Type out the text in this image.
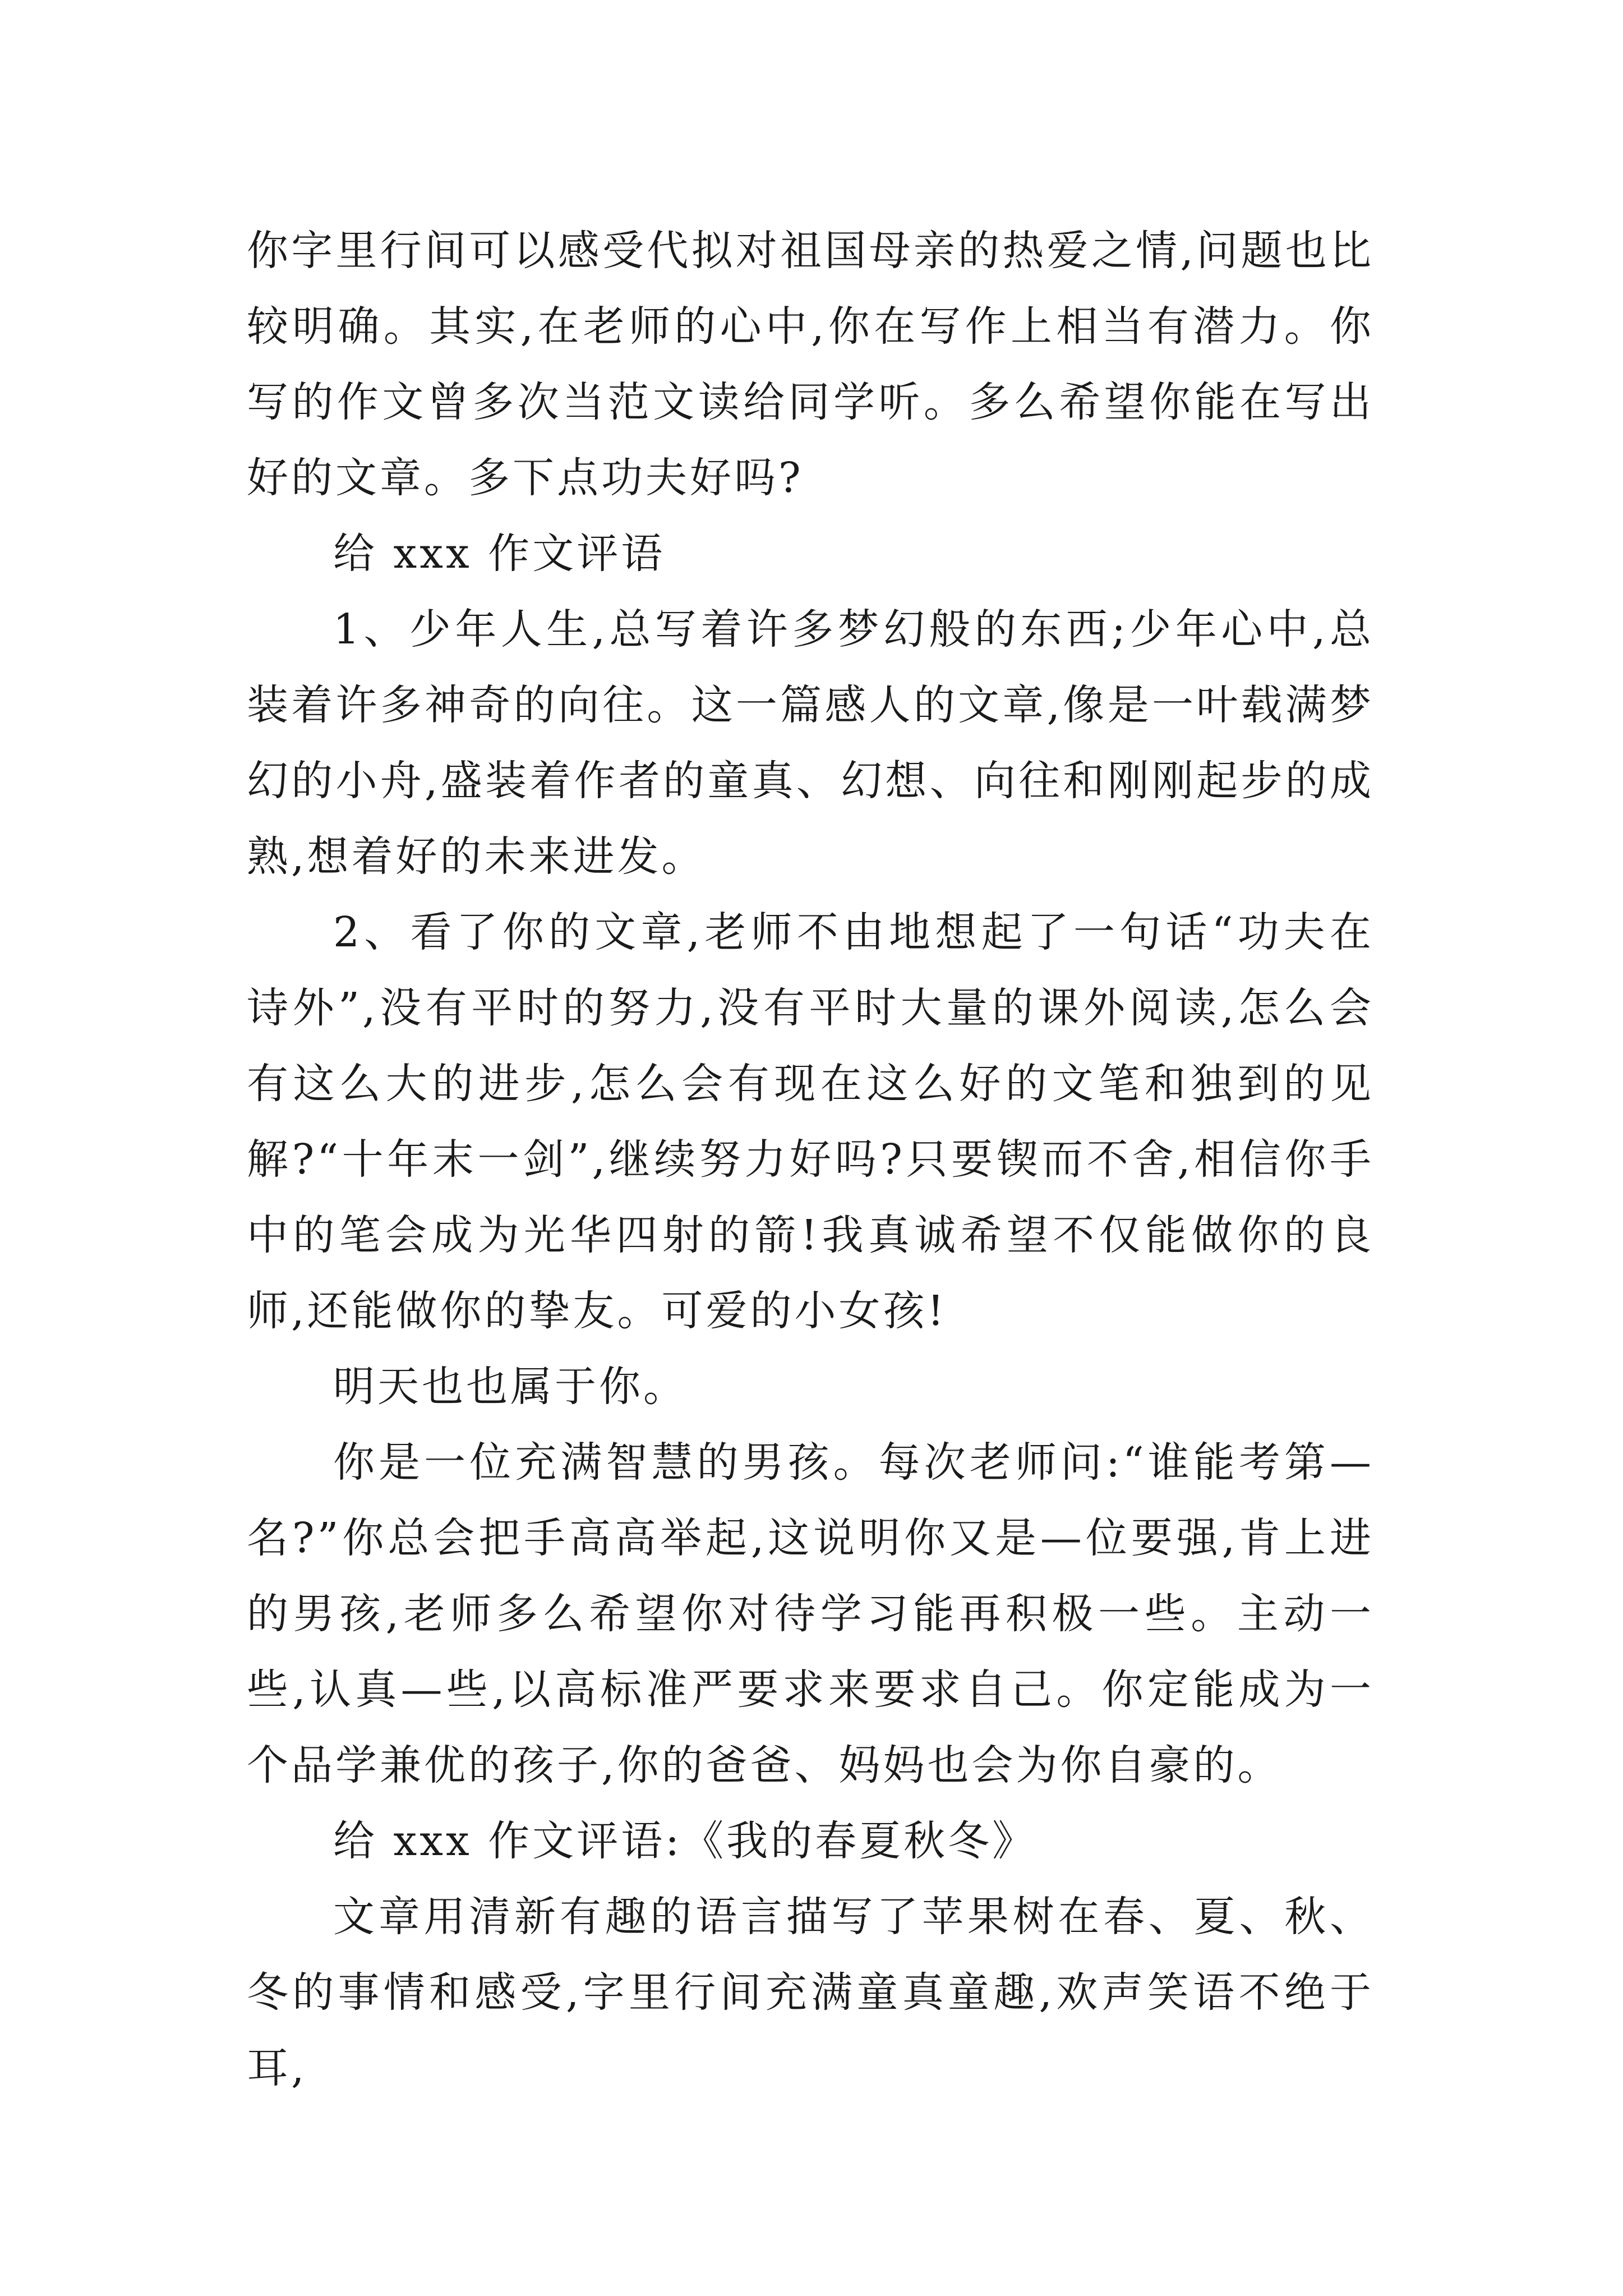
你字里行间可以感受代拟对祖国母亲的热爱之情,问题也比较明确。其实,在老师的心中,你在写作上相当有潜力。你写的作文曾多次当范文读给同学听。多么希望你能在写出好的文章。多下点功夫好吗?

给 xxx 作文评语

1、少年人生,总写着许多梦幻般的东西;少年心中,总装着许多神奇的向往。这一篇感人的文章,像是一叶载满梦幻的小舟,盛装着作者的童真、幻想、向往和刚刚起步的成熟,想着好的未来进发。

2、看了你的文章,老师不由地想起了一句话“功夫在诗外”,没有平时的努力,没有平时大量的课外阅读,怎么会有这么大的进步,怎么会有现在这么好的文笔和独到的见解?“十年末一剑”,继续努力好吗?只要锲而不舍,相信你手中的笔会成为光华四射的箭!我真诚希望不仅能做你的良师,还能做你的挚友。可爱的小女孩!

明天也也属于你。

你是一位充满智慧的男孩。每次老师问:“谁能考第—名?”你总会把手高高举起,这说明你又是—位要强,肯上进的男孩,老师多么希望你对待学习能再积极一些。主动一些,认真—些,以高标准严要求来要求自己。你定能成为一个品学兼优的孩子,你的爸爸、妈妈也会为你自豪的。

给 xxx 作文评语:《我的春夏秋冬》

文章用清新有趣的语言描写了苹果树在春、夏、秋、冬的事情和感受,字里行间充满童真童趣,欢声笑语不绝于耳,
